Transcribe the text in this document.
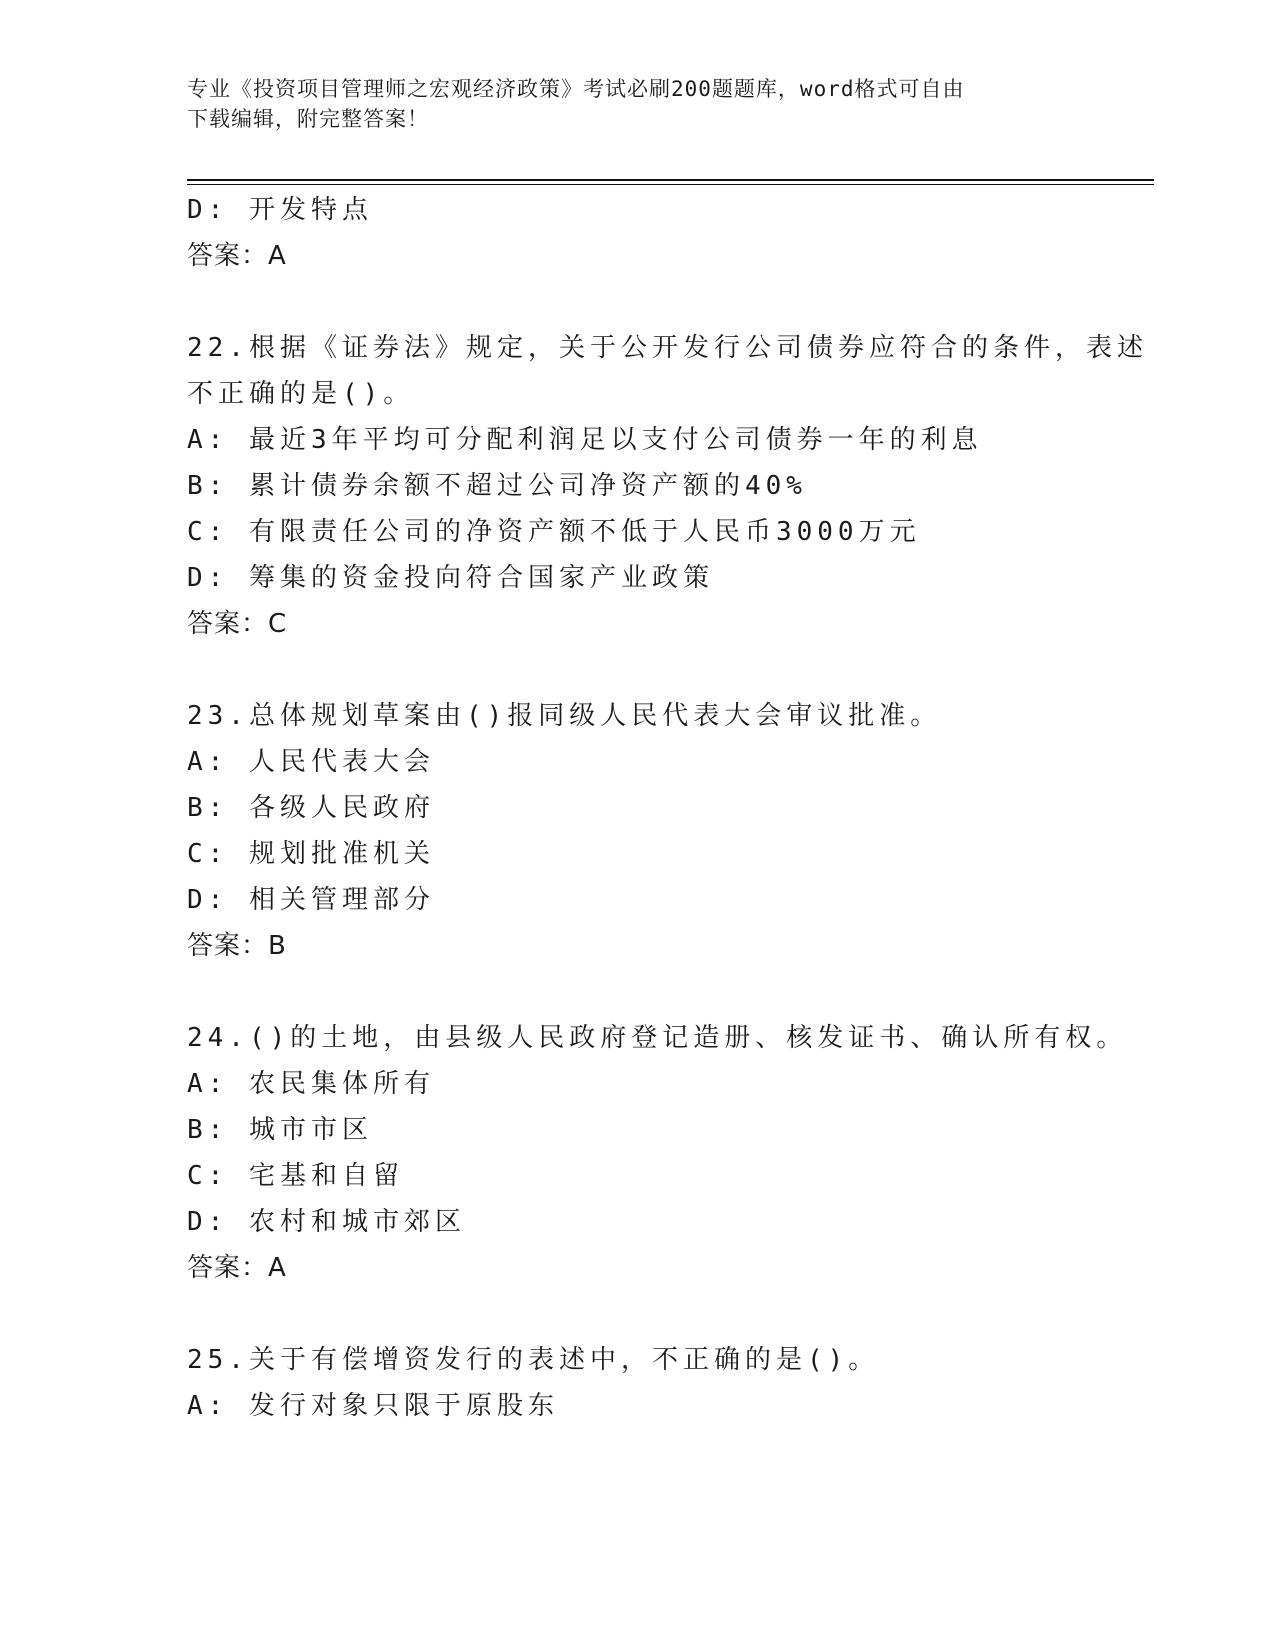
专业《投资项目管理师之宏观经济政策》考试必刷200题题库，word格式可自由
下载编辑，附完整答案！
D: 开发特点
答案：A
22.根据《证券法》规定，关于公开发行公司债券应符合的条件，表述
不正确的是()。
A: 最近3年平均可分配利润足以支付公司债券一年的利息
B: 累计债券余额不超过公司净资产额的40%
C: 有限责任公司的净资产额不低于人民币3000万元
D: 筹集的资金投向符合国家产业政策
答案：C
23.总体规划草案由()报同级人民代表大会审议批准。
A: 人民代表大会
B: 各级人民政府
C: 规划批准机关
D: 相关管理部分
答案：B
24.()的土地，由县级人民政府登记造册、核发证书、确认所有权。
A: 农民集体所有
B: 城市市区
C: 宅基和自留
D: 农村和城市郊区
答案：A
25.关于有偿增资发行的表述中，不正确的是()。
A: 发行对象只限于原股东
